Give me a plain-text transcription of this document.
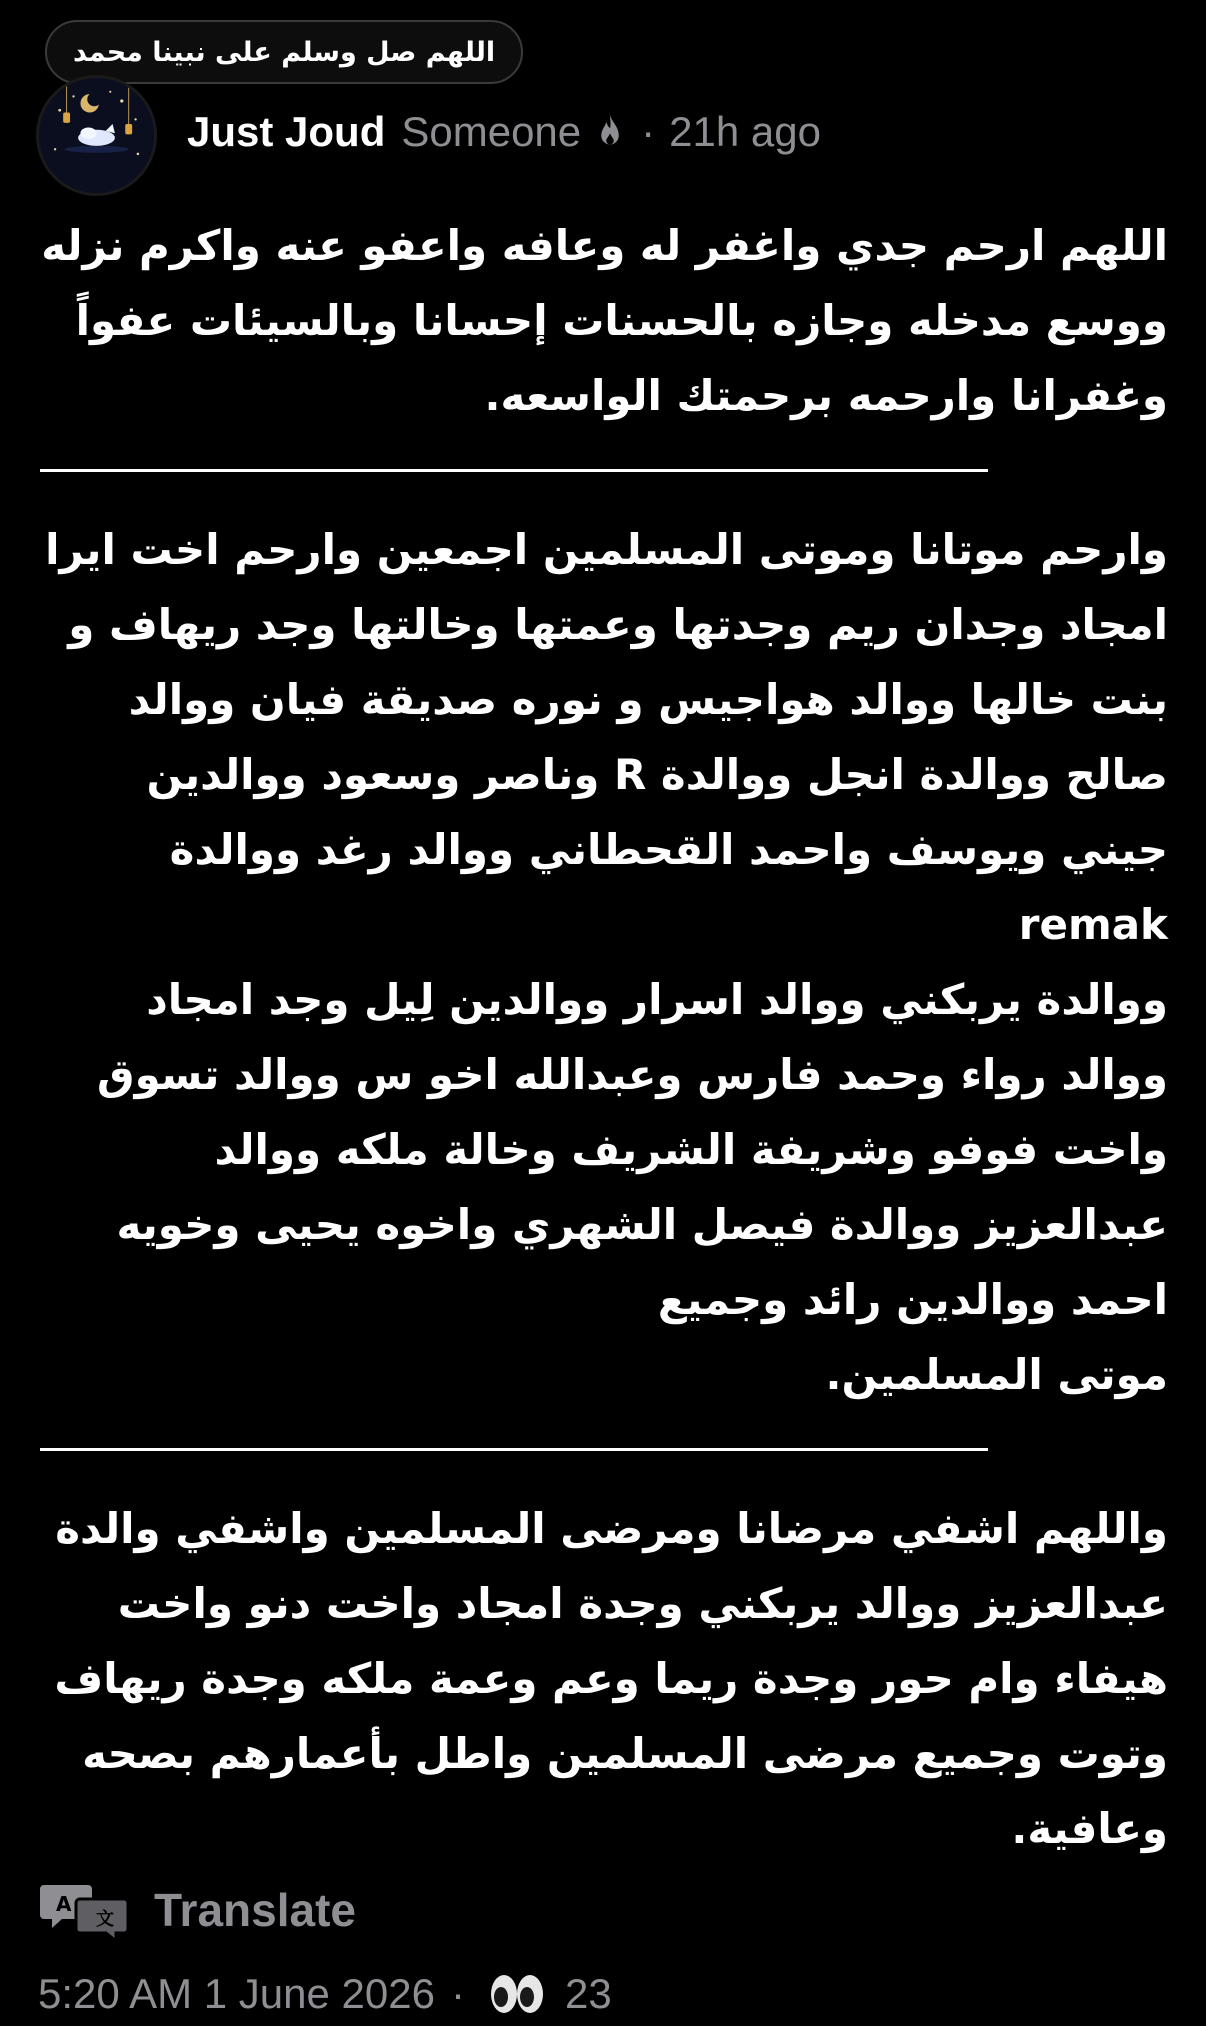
اللهم صل وسلم على نبينا محمد
Just Joud Someone · 21h ago

اللهم ارحم جدي واغفر له وعافه واعفو عنه واكرم نزله ووسع مدخله وجازه بالحسنات إحسانا وبالسيئات عفواً وغفرانا وارحمه برحمتك الواسعه.

وارحم موتانا وموتى المسلمين اجمعين وارحم اخت ايرا امجاد وجدان ريم وجدتها وعمتها وخالتها وجد ريهاف و بنت خالها ووالد هواجيس و نوره صديقة فيان ووالد صالح ووالدة انجل ووالدة R وناصر وسعود ووالدين جيني ويوسف واحمد القحطاني ووالد رغد ووالدة remak
ووالدة يربكني ووالد اسرار ووالدين لِيل وجد امجاد ووالد رواء وحمد فارس وعبدالله اخو س ووالد تسوق واخت فوفو وشريفة الشريف وخالة ملكه ووالد عبدالعزيز ووالدة فيصل الشهري واخوه يحيى وخويه احمد ووالدين رائد وجميع
موتى المسلمين.

واللهم اشفي مرضانا ومرضى المسلمين واشفي والدة عبدالعزيز ووالد يربكني وجدة امجاد واخت دنو واخت هيفاء وام حور وجدة ريما وعم وعمة ملكه وجدة ريهاف وتوت وجميع مرضى المسلمين واطل بأعمارهم بصحه وعافية.

A
文 Translate
5:20 AM 1 June 2026 · 23
